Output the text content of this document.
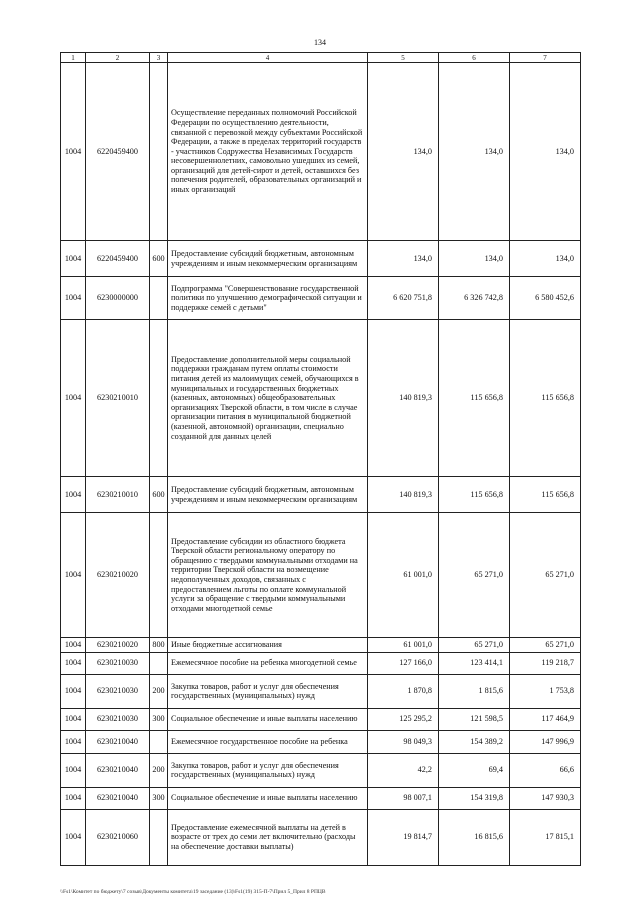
134
1	2	3	4	5	6	7
1004	6220459400		Осуществление переданных полномочий Российской Федерации по осуществлению деятельности, связанной с перевозкой между субъектами Российской Федерации, а также в пределах территорий государств - участников Содружества Независимых Государств несовершеннолетних, самовольно ушедших из семей, организаций для детей-сирот и детей, оставшихся без попечения родителей, образовательных организаций и иных организаций	134,0	134,0	134,0
1004	6220459400	600	Предоставление субсидий бюджетным, автономным учреждениям и иным некоммерческим организациям	134,0	134,0	134,0
1004	6230000000		Подпрограмма "Совершенствование государственной политики по улучшению демографической ситуации и поддержке семей с детьми"	6 620 751,8	6 326 742,8	6 580 452,6
1004	6230210010		Предоставление дополнительной меры социальной поддержки гражданам путем оплаты стоимости питания детей из малоимущих семей, обучающихся в муниципальных и государственных бюджетных (казенных, автономных) общеобразовательных организациях Тверской области, в том числе в случае организации питания в муниципальной бюджетной (казенной, автономной) организации, специально созданной для данных целей	140 819,3	115 656,8	115 656,8
1004	6230210010	600	Предоставление субсидий бюджетным, автономным учреждениям и иным некоммерческим организациям	140 819,3	115 656,8	115 656,8
1004	6230210020		Предоставление субсидии из областного бюджета Тверской области региональному оператору по обращению с твердыми коммунальными отходами на территории Тверской области на возмещение недополученных доходов, связанных с предоставлением льготы по оплате коммунальной услуги за обращение с твердыми коммунальными отходами многодетной семье	61 001,0	65 271,0	65 271,0
1004	6230210020	800	Иные бюджетные ассигнования	61 001,0	65 271,0	65 271,0
1004	6230210030		Ежемесячное пособие на ребенка многодетной семье	127 166,0	123 414,1	119 218,7
1004	6230210030	200	Закупка товаров, работ и услуг для обеспечения государственных (муниципальных) нужд	1 870,8	1 815,6	1 753,8
1004	6230210030	300	Социальное обеспечение и иные выплаты населению	125 295,2	121 598,5	117 464,9
1004	6230210040		Ежемесячное государственное пособие на ребенка	98 049,3	154 389,2	147 996,9
1004	6230210040	200	Закупка товаров, работ и услуг для обеспечения государственных (муниципальных) нужд	42,2	69,4	66,6
1004	6230210040	300	Социальное обеспечение и иные выплаты населению	98 007,1	154 319,8	147 930,3
1004	6230210060		Предоставление ежемесячной выплаты на детей в возрасте от трех до семи лет включительно (расходы на обеспечение доставки выплаты)	19 814,7	16 815,6	17 815,1
\\Fs1\Комитет по бюджету\7 созыв\Документы комитета\19 заседание (13)\Fs1(19) 315-П-7\Прил 5_Прил 8 РПЦВ
